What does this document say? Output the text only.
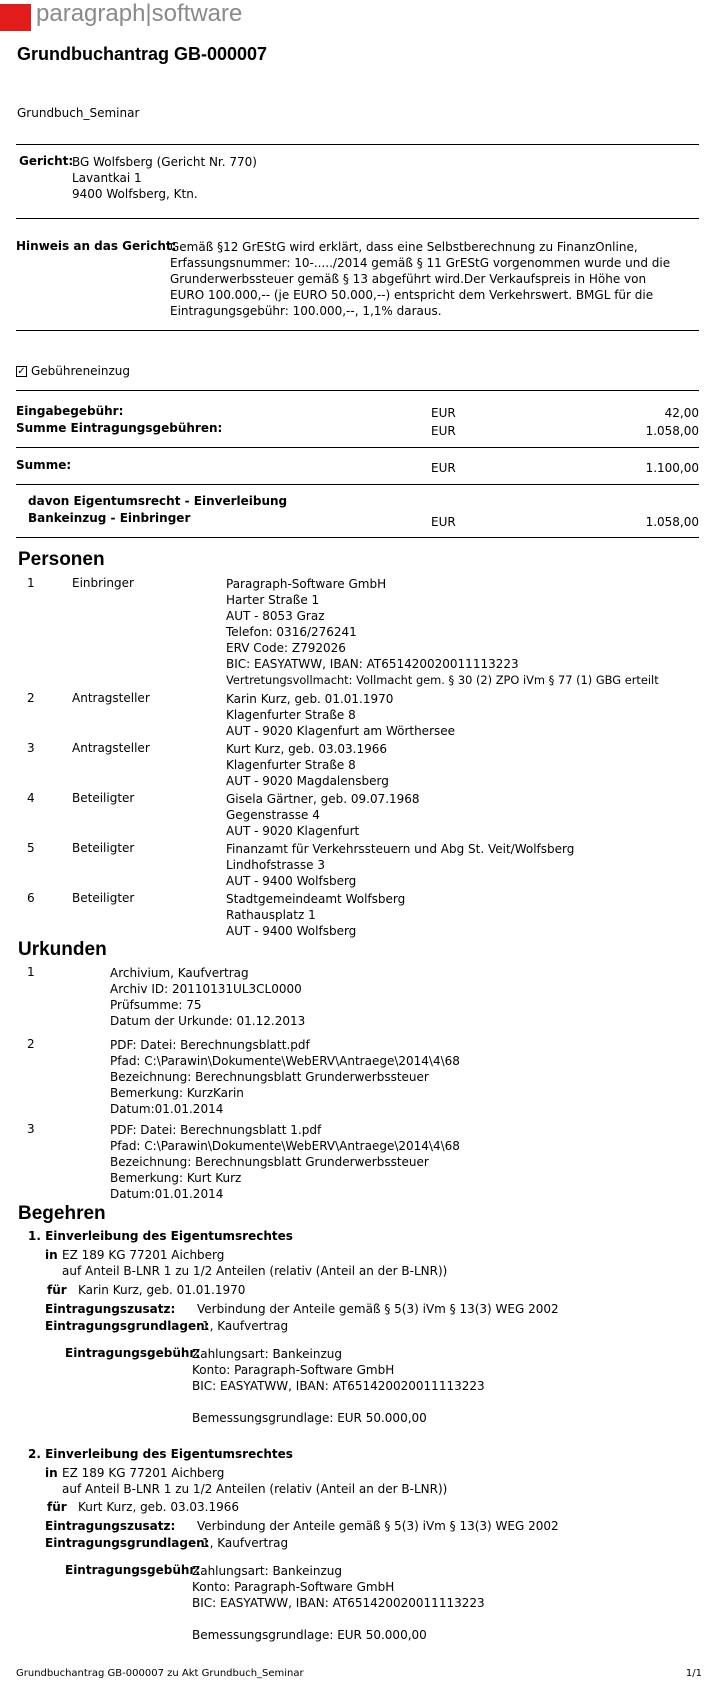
paragraph|software
Grundbuchantrag GB-000007
Grundbuch_Seminar
Gericht:
BG Wolfsberg (Gericht Nr. 770)
Lavantkai 1
9400 Wolfsberg, Ktn.
Hinweis an das Gericht:
Gemäß §12 GrEStG wird erklärt, dass eine Selbstberechnung zu FinanzOnline,
Erfassungsnummer: 10-...../2014 gemäß § 11 GrEStG vorgenommen wurde und die
Grunderwerbssteuer gemäß § 13 abgeführt wird.Der Verkaufspreis in Höhe von
EURO 100.000,-- (je EURO 50.000,--) entspricht dem Verkehrswert. BMGL für die
Eintragungsgebühr: 100.000,--, 1,1% daraus.
✓ Gebühreneinzug
Eingabegebühr:	EUR	42,00
Summe Eintragungsgebühren:	EUR	1.058,00
Summe:	EUR	1.100,00
davon Eigentumsrecht - Einverleibung
Bankeinzug - Einbringer	EUR	1.058,00
Personen
1	Einbringer	Paragraph-Software GmbH
Harter Straße 1
AUT - 8053 Graz
Telefon: 0316/276241
ERV Code: Z792026
BIC: EASYATWW, IBAN: AT651420020011113223
Vertretungsvollmacht: Vollmacht gem. § 30 (2) ZPO iVm § 77 (1) GBG erteilt
2	Antragsteller	Karin Kurz, geb. 01.01.1970
Klagenfurter Straße 8
AUT - 9020 Klagenfurt am Wörthersee
3	Antragsteller	Kurt Kurz, geb. 03.03.1966
Klagenfurter Straße 8
AUT - 9020 Magdalensberg
4	Beteiligter	Gisela Gärtner, geb. 09.07.1968
Gegenstrasse 4
AUT - 9020 Klagenfurt
5	Beteiligter	Finanzamt für Verkehrssteuern und Abg St. Veit/Wolfsberg
Lindhofstrasse 3
AUT - 9400 Wolfsberg
6	Beteiligter	Stadtgemeindeamt Wolfsberg
Rathausplatz 1
AUT - 9400 Wolfsberg
Urkunden
1	Archivium, Kaufvertrag
Archiv ID: 20110131UL3CL0000
Prüfsumme: 75
Datum der Urkunde: 01.12.2013
2	PDF: Datei: Berechnungsblatt.pdf
Pfad: C:\Parawin\Dokumente\WebERV\Antraege\2014\4\68
Bezeichnung: Berechnungsblatt Grunderwerbssteuer
Bemerkung: KurzKarin
Datum:01.01.2014
3	PDF: Datei: Berechnungsblatt 1.pdf
Pfad: C:\Parawin\Dokumente\WebERV\Antraege\2014\4\68
Bezeichnung: Berechnungsblatt Grunderwerbssteuer
Bemerkung: Kurt Kurz
Datum:01.01.2014
Begehren
1. Einverleibung des Eigentumsrechtes
in EZ 189 KG 77201 Aichberg
auf Anteil B-LNR 1 zu 1/2 Anteilen (relativ (Anteil an der B-LNR))
für Karin Kurz, geb. 01.01.1970
Eintragungszusatz: Verbindung der Anteile gemäß § 5(3) iVm § 13(3) WEG 2002
Eintragungsgrundlagen:
1, Kaufvertrag
Eintragungsgebühr:
Zahlungsart: Bankeinzug
Konto: Paragraph-Software GmbH
BIC: EASYATWW, IBAN: AT651420020011113223
Bemessungsgrundlage: EUR 50.000,00
2. Einverleibung des Eigentumsrechtes
in EZ 189 KG 77201 Aichberg
auf Anteil B-LNR 1 zu 1/2 Anteilen (relativ (Anteil an der B-LNR))
für Kurt Kurz, geb. 03.03.1966
Eintragungszusatz: Verbindung der Anteile gemäß § 5(3) iVm § 13(3) WEG 2002
Eintragungsgrundlagen:
1, Kaufvertrag
Eintragungsgebühr:
Zahlungsart: Bankeinzug
Konto: Paragraph-Software GmbH
BIC: EASYATWW, IBAN: AT651420020011113223
Bemessungsgrundlage: EUR 50.000,00
Grundbuchantrag GB-000007 zu Akt Grundbuch_Seminar	1/1
